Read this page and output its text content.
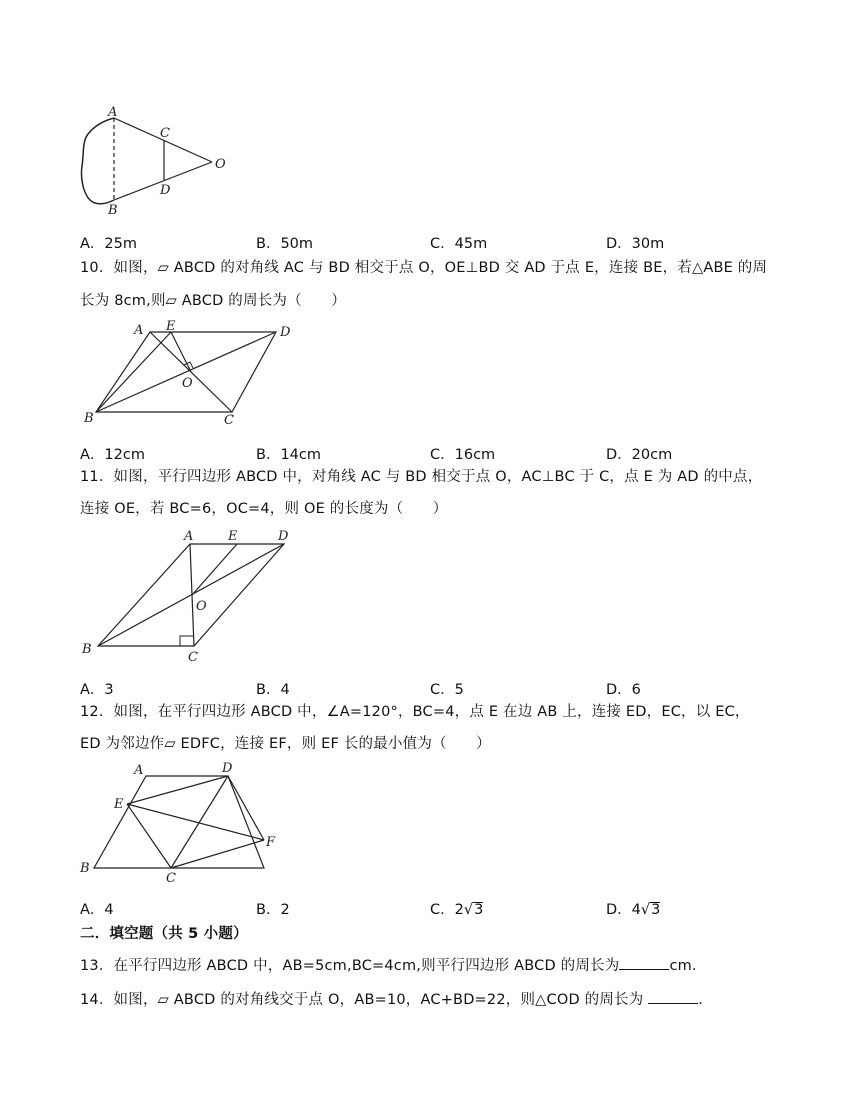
A
B
C
D
O
A．25m	B．50m	C．45m	D．30m
10．如图，▱ ABCD 的对角线 AC 与 BD 相交于点 O，OE⊥BD 交 AD 于点 E，连接 BE，若△ABE 的周
长为 8cm,则▱ ABCD 的周长为（　　）
A E	D
O
B	C
A．12cm	B．14cm	C．16cm	D．20cm
11．如图，平行四边形 ABCD 中，对角线 AC 与 BD 相交于点 O，AC⊥BC 于 C，点 E 为 AD 的中点，
连接 OE，若 BC=6，OC=4，则 OE 的长度为（　　）
A	E	D
O
B
C
A．3	B．4	C．5	D．6
12．如图，在平行四边形 ABCD 中，∠A=120°，BC=4，点 E 在边 AB 上，连接 ED，EC，以 EC，
ED 为邻边作▱ EDFC，连接 EF，则 EF 长的最小值为（　　）
A	D
E
F
B
C
A．4	B．2	C．2√3	D．4√3
二．填空题（共 5 小题）
13．在平行四边形 ABCD 中，AB=5cm,BC=4cm,则平行四边形 ABCD 的周长为	cm.
14．如图，▱ ABCD 的对角线交于点 O，AB=10，AC+BD=22，则△COD 的周长为	.
